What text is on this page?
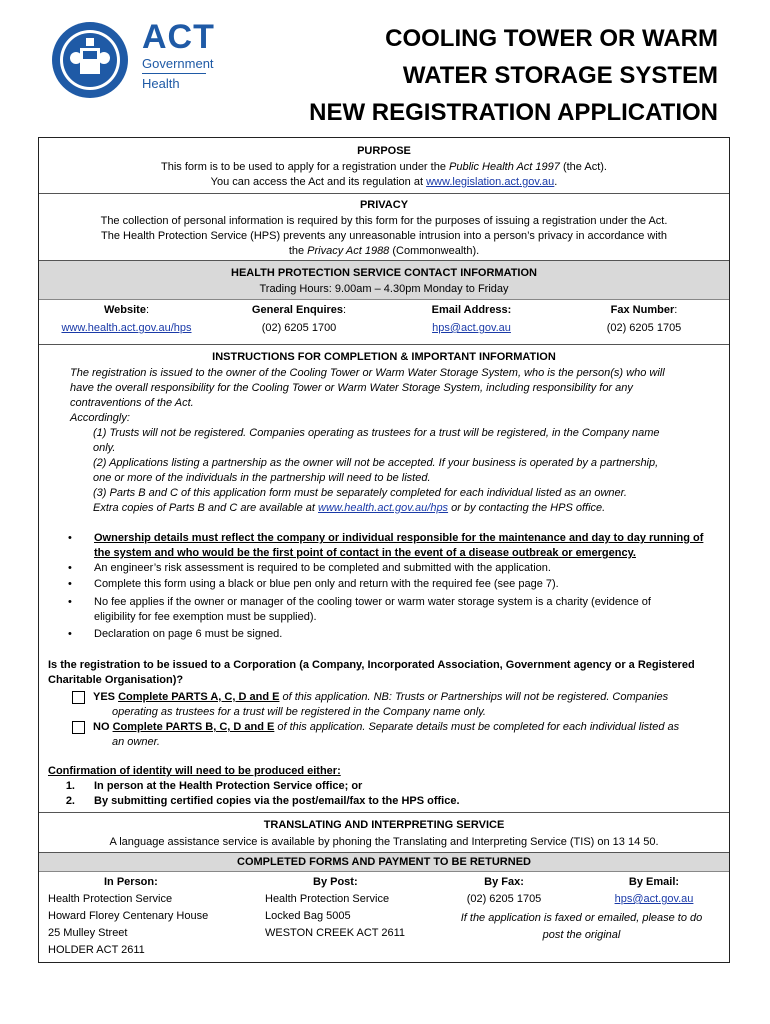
ACT
Government
Health
COOLING TOWER OR WARM
WATER STORAGE SYSTEM
NEW REGISTRATION APPLICATION
PURPOSE
This form is to be used to apply for a registration under the Public Health Act 1997 (the Act).
You can access the Act and its regulation at www.legislation.act.gov.au.
PRIVACY
The collection of personal information is required by this form for the purposes of issuing a registration under the Act.
The Health Protection Service (HPS) prevents any unreasonable intrusion into a person’s privacy in accordance with
the Privacy Act 1988 (Commonwealth).
HEALTH PROTECTION SERVICE CONTACT INFORMATION
Trading Hours: 9.00am – 4.30pm Monday to Friday
Website:
www.health.act.gov.au/hps
General Enquires:
(02) 6205 1700
Email Address:
hps@act.gov.au
Fax Number:
(02) 6205 1705
INSTRUCTIONS FOR COMPLETION & IMPORTANT INFORMATION
The registration is issued to the owner of the Cooling Tower or Warm Water Storage System, who is the person(s) who will
have the overall responsibility for the Cooling Tower or Warm Water Storage System, including responsibility for any
contraventions of the Act.
Accordingly:
(1) Trusts will not be registered. Companies operating as trustees for a trust will be registered, in the Company name
only.
(2) Applications listing a partnership as the owner will not be accepted. If your business is operated by a partnership,
one or more of the individuals in the partnership will need to be listed.
(3) Parts B and C of this application form must be separately completed for each individual listed as an owner.
Extra copies of Parts B and C are available at www.health.act.gov.au/hps or by contacting the HPS office.
• Ownership details must reflect the company or individual responsible for the maintenance and day to day running of
the system and who would be the first point of contact in the event of a disease outbreak or emergency.
• An engineer’s risk assessment is required to be completed and submitted with the application.
• Complete this form using a black or blue pen only and return with the required fee (see page 7).
• No fee applies if the owner or manager of the cooling tower or warm water storage system is a charity (evidence of
eligibility for fee exemption must be supplied).
• Declaration on page 6 must be signed.
Is the registration to be issued to a Corporation (a Company, Incorporated Association, Government agency or a Registered
Charitable Organisation)?
YES Complete PARTS A, C, D and E of this application. NB: Trusts or Partnerships will not be registered. Companies
operating as trustees for a trust will be registered in the Company name only.
NO Complete PARTS B, C, D and E of this application. Separate details must be completed for each individual listed as
an owner.
Confirmation of identity will need to be produced either:
1. In person at the Health Protection Service office; or
2. By submitting certified copies via the post/email/fax to the HPS office.
TRANSLATING AND INTERPRETING SERVICE
A language assistance service is available by phoning the Translating and Interpreting Service (TIS) on 13 14 50.
COMPLETED FORMS AND PAYMENT TO BE RETURNED
In Person:
Health Protection Service
Howard Florey Centenary House
25 Mulley Street
HOLDER ACT 2611
By Post:
Health Protection Service
Locked Bag 5005
WESTON CREEK ACT 2611
By Fax:
(02) 6205 1705
By Email:
hps@act.gov.au
If the application is faxed or emailed, please to do
post the original
